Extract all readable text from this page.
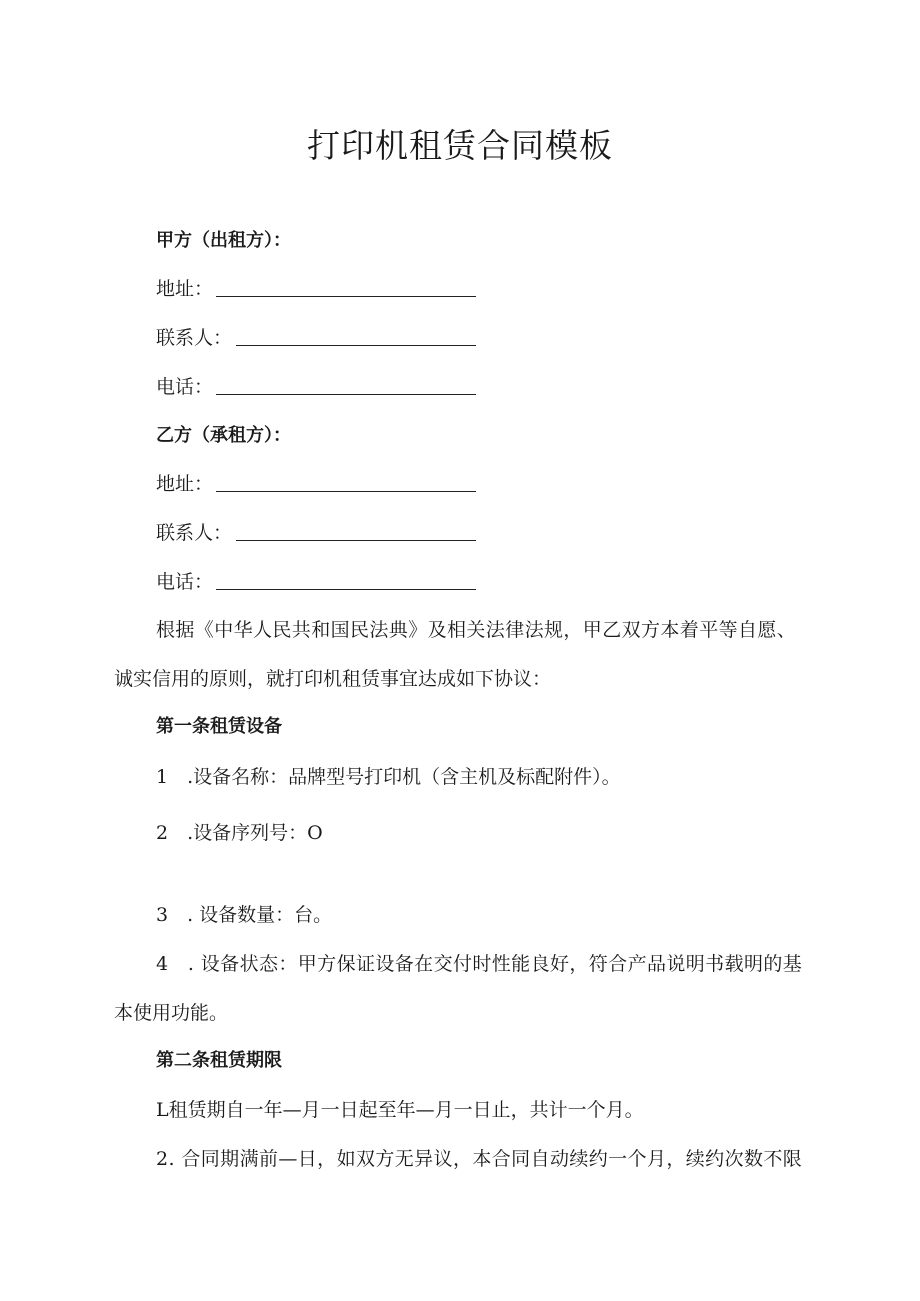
打印机租赁合同模板
甲方（出租方）：
地址：
联系人：
电话：
乙方（承租方）：
地址：
联系人：
电话：
根据《中华人民共和国民法典》及相关法律法规，甲乙双方本着平等自愿、
诚实信用的原则，就打印机租赁事宜达成如下协议：
第一条租赁设备
1　.设备名称：品牌型号打印机（含主机及标配附件）。
2　.设备序列号：O
3　. 设备数量：台。
4　. 设备状态：甲方保证设备在交付时性能良好，符合产品说明书载明的基
本使用功能。
第二条租赁期限
L租赁期自一年—月一日起至年—月一日止，共计一个月。
2. 合同期满前—日，如双方无异议，本合同自动续约一个月，续约次数不限
